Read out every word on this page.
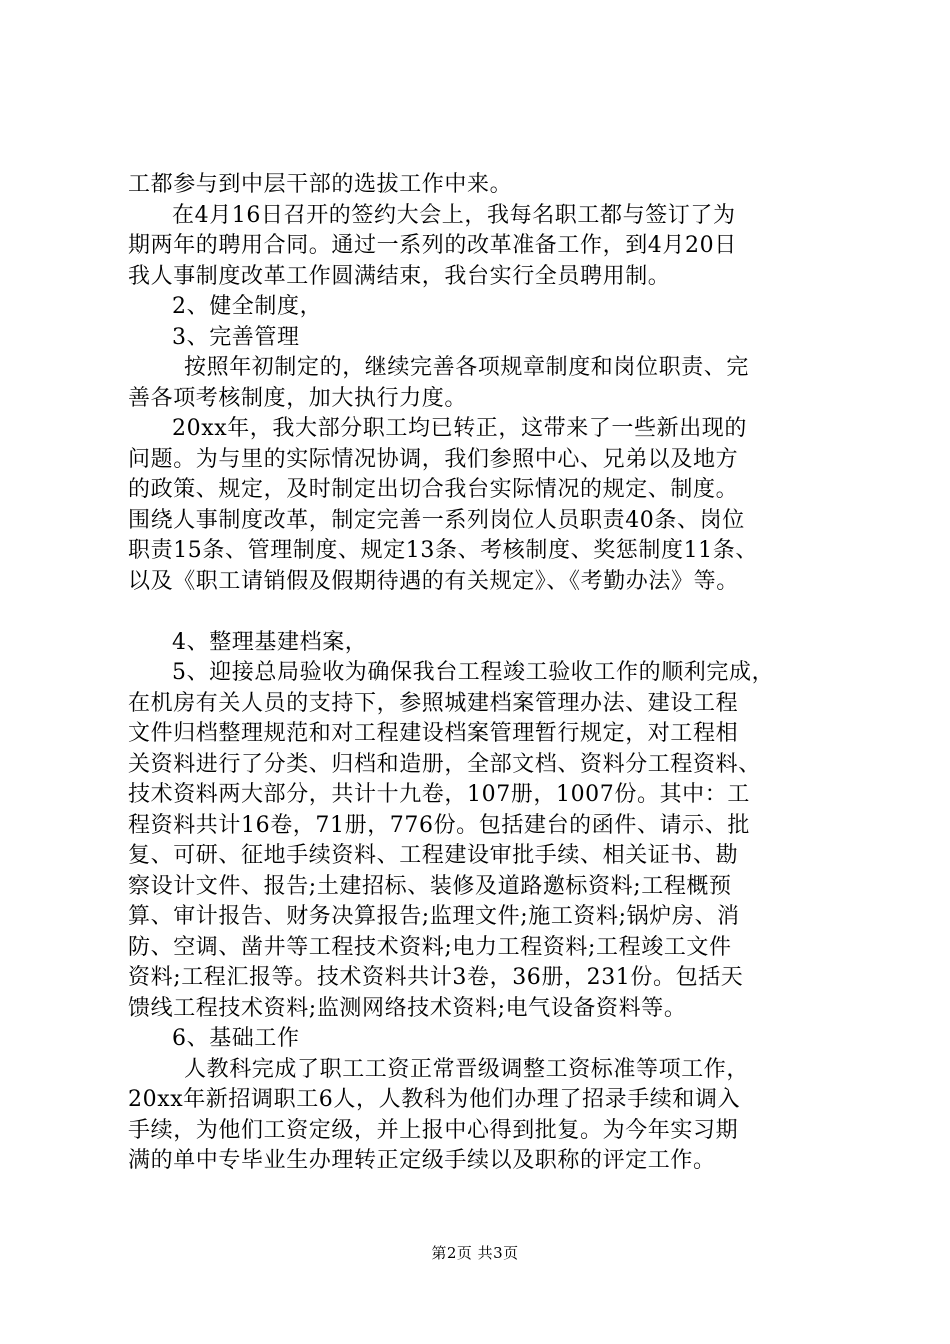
工都参与到中层干部的选拔工作中来。
在4月16日召开的签约大会上，我每名职工都与签订了为
期两年的聘用合同。通过一系列的改革准备工作，到4月20日
我人事制度改革工作圆满结束，我台实行全员聘用制。
2、健全制度，
3、完善管理
按照年初制定的，继续完善各项规章制度和岗位职责、完
善各项考核制度，加大执行力度。
20xx年，我大部分职工均已转正，这带来了一些新出现的
问题。为与里的实际情况协调，我们参照中心、兄弟以及地方
的政策、规定，及时制定出切合我台实际情况的规定、制度。
围绕人事制度改革，制定完善一系列岗位人员职责40条、岗位
职责15条、管理制度、规定13条、考核制度、奖惩制度11条、
以及《职工请销假及假期待遇的有关规定》、《考勤办法》等。
4、整理基建档案，
5、迎接总局验收为确保我台工程竣工验收工作的顺利完成，
在机房有关人员的支持下，参照城建档案管理办法、建设工程
文件归档整理规范和对工程建设档案管理暂行规定，对工程相
关资料进行了分类、归档和造册，全部文档、资料分工程资料、
技术资料两大部分，共计十九卷，107册，1007份。其中：工
程资料共计16卷，71册，776份。包括建台的函件、请示、批
复、可研、征地手续资料、工程建设审批手续、相关证书、勘
察设计文件、报告;土建招标、装修及道路邀标资料;工程概预
算、审计报告、财务决算报告;监理文件;施工资料;锅炉房、消
防、空调、凿井等工程技术资料;电力工程资料;工程竣工文件
资料;工程汇报等。技术资料共计3卷，36册，231份。包括天
馈线工程技术资料;监测网络技术资料;电气设备资料等。
6、基础工作
人教科完成了职工工资正常晋级调整工资标准等项工作，
20xx年新招调职工6人，人教科为他们办理了招录手续和调入
手续，为他们工资定级，并上报中心得到批复。为今年实习期
满的单中专毕业生办理转正定级手续以及职称的评定工作。
第2页 共3页
